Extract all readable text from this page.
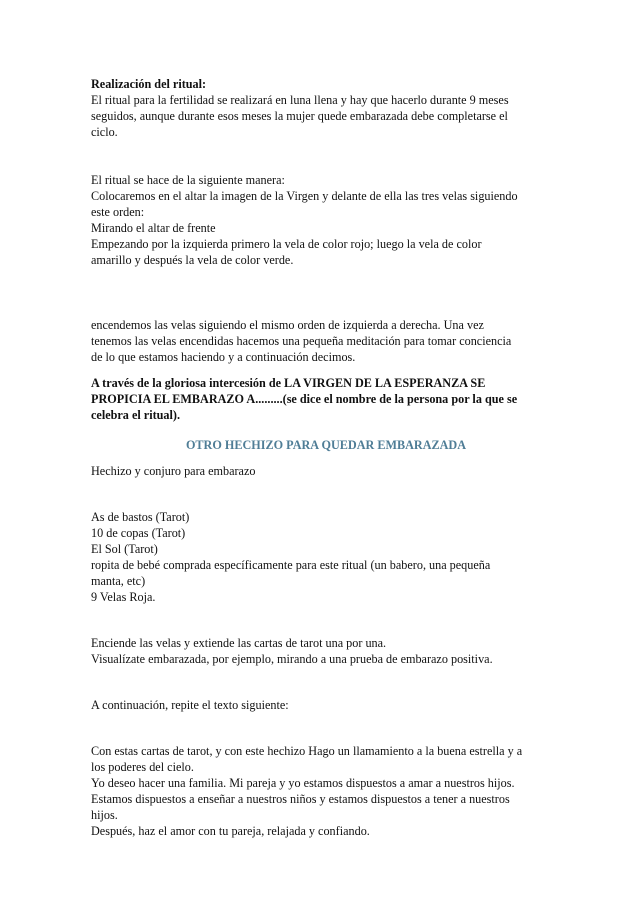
Realización del ritual:
El ritual para la fertilidad se realizará en luna llena y hay que hacerlo durante 9 meses
seguidos, aunque durante esos meses la mujer quede embarazada debe completarse el
ciclo.

El ritual se hace de la siguiente manera:
Colocaremos en el altar la imagen de la Virgen y delante de ella las tres velas siguiendo
este orden:
Mirando el altar de frente
Empezando por la izquierda primero la vela de color rojo; luego la vela de color
amarillo y después la vela de color verde.

encendemos las velas siguiendo el mismo orden de izquierda a derecha. Una vez
tenemos las velas encendidas hacemos una pequeña meditación para tomar conciencia
de lo que estamos haciendo y a continuación decimos.

A través de la gloriosa intercesión de LA VIRGEN DE LA ESPERANZA SE
PROPICIA EL EMBARAZO A.........(se dice el nombre de la persona por la que se
celebra el ritual).

OTRO HECHIZO PARA QUEDAR EMBARAZADA

Hechizo y conjuro para embarazo

As de bastos (Tarot)
10 de copas (Tarot)
El Sol (Tarot)
ropita de bebé comprada específicamente para este ritual (un babero, una pequeña
manta, etc)
9 Velas Roja.

Enciende las velas y extiende las cartas de tarot una por una.
Visualízate embarazada, por ejemplo, mirando a una prueba de embarazo positiva.

A continuación, repite el texto siguiente:

Con estas cartas de tarot, y con este hechizo Hago un llamamiento a la buena estrella y a
los poderes del cielo.
Yo deseo hacer una familia. Mi pareja y yo estamos dispuestos a amar a nuestros hijos.
Estamos dispuestos a enseñar a nuestros niños y estamos dispuestos a tener a nuestros
hijos.
Después, haz el amor con tu pareja, relajada y confiando.
